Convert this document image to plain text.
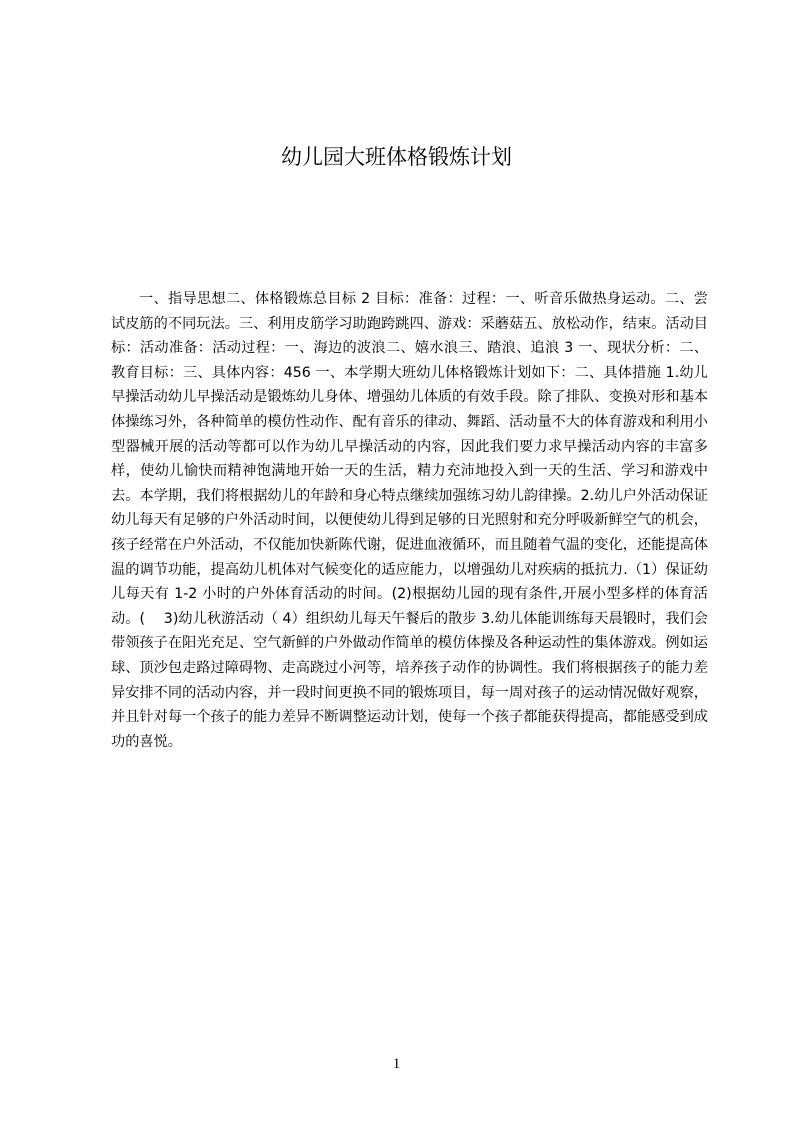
幼儿园大班体格锻炼计划

一、指导思想二、体格锻炼总目标 2 目标：准备：过程：一、听音乐做热身运动。二、尝试皮筋的不同玩法。三、利用皮筋学习助跑跨跳四、游戏：采蘑菇五、放松动作，结束。活动目标：活动准备：活动过程：一、海边的波浪二、嬉水浪三、踏浪、追浪 3 一、现状分析：二、教育目标：三、具体内容：456 一、本学期大班幼儿体格锻炼计划如下：二、具体措施 1.幼儿早操活动幼儿早操活动是锻炼幼儿身体、增强幼儿体质的有效手段。除了排队、变换对形和基本体操练习外，各种简单的模仿性动作、配有音乐的律动、舞蹈、活动量不大的体育游戏和利用小型器械开展的活动等都可以作为幼儿早操活动的内容，因此我们要力求早操活动内容的丰富多样，使幼儿愉快而精神饱满地开始一天的生活，精力充沛地投入到一天的生活、学习和游戏中去。本学期，我们将根据幼儿的年龄和身心特点继续加强练习幼儿韵律操。2.幼儿户外活动保证幼儿每天有足够的户外活动时间，以便使幼儿得到足够的日光照射和充分呼吸新鲜空气的机会，孩子经常在户外活动，不仅能加快新陈代谢，促进血液循环，而且随着气温的变化，还能提高体温的调节功能，提高幼儿机体对气候变化的适应能力，以增强幼儿对疾病的抵抗力.（1）保证幼儿每天有 1-2 小时的户外体育活动的时间。(2)根据幼儿园的现有条件,开展小型多样的体育活动。(　 3)幼儿秋游活动（ 4）组织幼儿每天午餐后的散步 3.幼儿体能训练每天晨锻时，我们会带领孩子在阳光充足、空气新鲜的户外做动作简单的模仿体操及各种运动性的集体游戏。例如运球、顶沙包走路过障碍物、走高跷过小河等，培养孩子动作的协调性。我们将根据孩子的能力差异安排不同的活动内容，并一段时间更换不同的锻炼项目，每一周对孩子的运动情况做好观察，并且针对每一个孩子的能力差异不断调整运动计划，使每一个孩子都能获得提高，都能感受到成功的喜悦。

1
